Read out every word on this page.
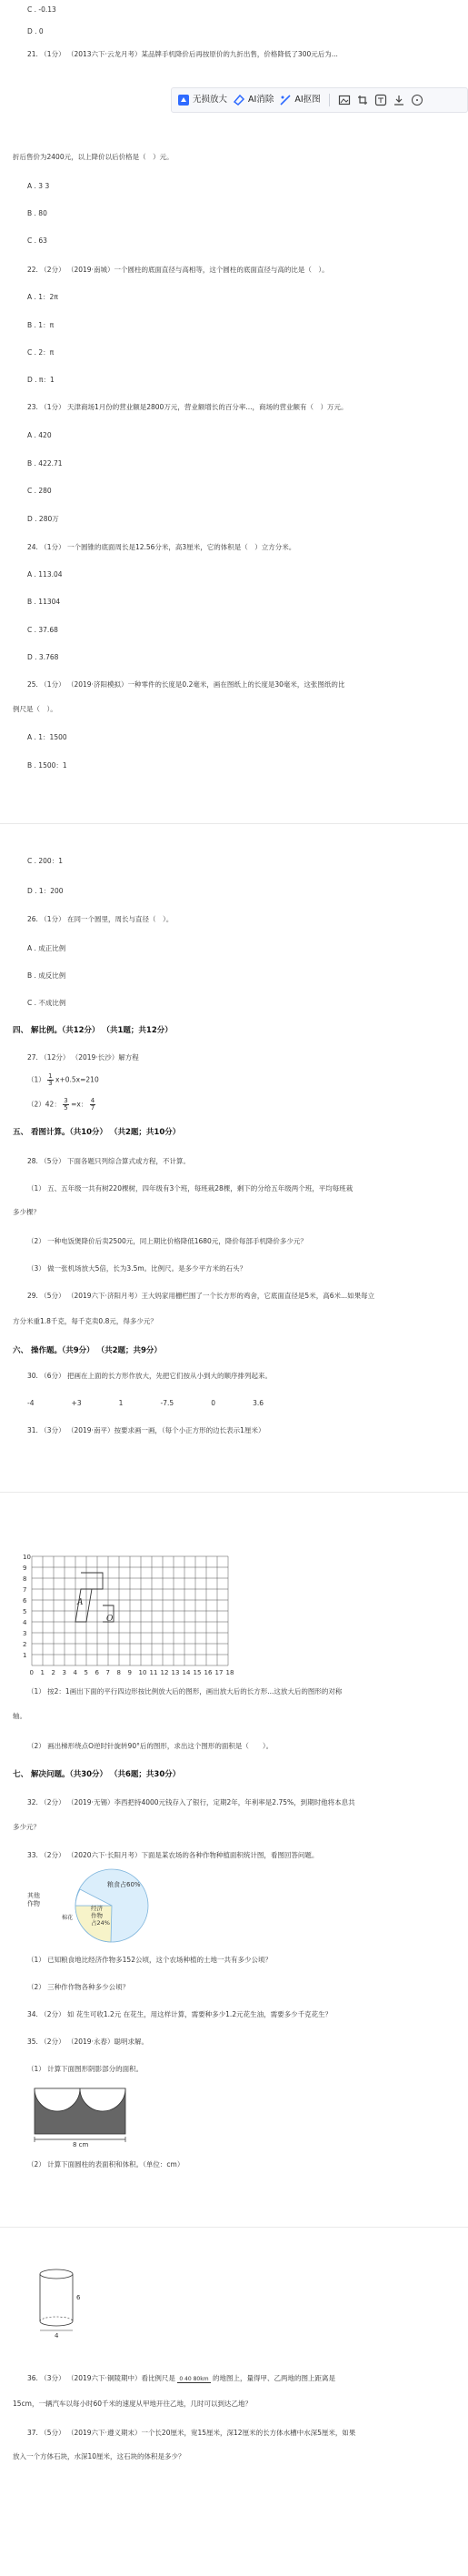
C . -0.13
D . 0
21. （1分） （2013六下·云龙月考）某品牌手机降价后再按原价的九折出售，价格降低了300元后为...
无损放大 AI消除 AI抠图
折后售价为2400元，以上降价以后价格是（　）元。
A . 3 3
B . 80
C . 63
22. （2分） （2019·南城）一个圆柱的底面直径与高相等，这个圆柱的底面直径与高的比是（　）。
A . 1：2π
B . 1：π
C . 2：π
D . π：1
23. （1分） 天津商场1月份的营业额是2800万元，营业额增长的百分率...，商场的营业额有（　）万元。
A . 420
B . 422.71
C . 280
D . 280万
24. （1分） 一个圆锥的底面周长是12.56分米，高3厘米，它的体积是（　）立方分米。
A . 113.04
B . 11304
C . 37.68
D . 3.768
25. （1分） （2019·济阳模拟）一种零件的长度是0.2毫米，画在图纸上的长度是30毫米，这张图纸的比
例尺是（　）。
A . 1：1500
B . 1500：1
C . 200：1
D . 1：200
26. （1分） 在同一个圆里，周长与直径（　）。
A . 成正比例
B . 成反比例
C . 不成比例
四、 解比例。（共12分） （共1题；共12分）
27. （12分） （2019·长沙）解方程
$(1) \frac{1}{3} x+0.5x=210$
（2）42： $\frac{3}{5} =x$： $\frac{4}{7}$
五、 看图计算。（共10分） （共2题；共10分）
28. （5分） 下面各题只列综合算式或方程，不计算。
（1） 五、五年级一共有树220棵树，四年级有3个班，每班栽28棵，剩下的分给五年级两个班，平均每班栽
多少棵？
（2） 一种电饭煲降价后卖2500元，同上期比价格降低1680元，降价每部手机降价多少元？
（3） 做一张机场放大5倍，长为3.5m。比例尺。是多少平方米的石头？
29. （5分） （2019六下·济阳月考）王大妈家用栅栏围了一个长方形的鸡舍，它底面直径是5米，高6米...如果每立
方分米重1.8千克，每千克卖0.8元，得多少元？
六、 操作题。（共9分） （共2题；共9分）
30. （6分） 把画在上面的长方形作放大，先把它们按从小到大的顺序排列起来。
-4	+3	1	-7.5	0	3.6
31. （3分） （2019·南平）按要求画一画，（每个小正方形的边长表示1厘米）
A
O
0 1 2 3 4 5 6 7 8 9 10 11 12 13 14 15 16 17 18
1
2
3
4
5
6
7
8
9
10
（1） 按2：1画出下面的平行四边形按比例放大后的图形，画出放大后的长方形...这放大后的图形的对称
轴。
（2） 画出梯形绕点O逆时针旋转90°后的图形，求出这个图形的面积是（　　）。
七、 解决问题。（共30分） （共6题；共30分）
32. （2分） （2019·无锡）李西把持4000元钱存入了银行，定期2年，年利率是2.75%，到期时他将本息共
多少元？
33. （2分） （2020六下·长阳月考）下面是某农场的各种作物种植面积统计图，看图回答问题。
粮食占60%
其他
作物
经济
作物
占24%
棉花
（1） 已知粮食地比经济作物多152公顷，这个农场种植的土地一共有多少公顷？
（2） 三种作作物各种多少公顷？
34. （2分） 如 花生可收1.2元 在花生，用这样计算，需要种多少1.2元花生油，需要多少千克花生？
35. （2分） （2019·永春）聪明求解。
（1） 计算下面图形阴影部分的面积。
8 cm
（2） 计算下面圆柱的表面积和体积。（单位：cm）
6
4
36. （3分） （2019六下·铜陵期中）看比例尺是 0 40 80km 的地图上，量得甲、乙两地的图上距离是
15cm，一辆汽车以每小时60千米的速度从甲地开往乙地，几时可以到达乙地？
37. （5分） （2019六下·遵义期末）一个长20厘米，宽15厘米，深12厘米的长方体水槽中水深5厘米，如果
放入一个方体石块，水深10厘米，这石块的体积是多少？
